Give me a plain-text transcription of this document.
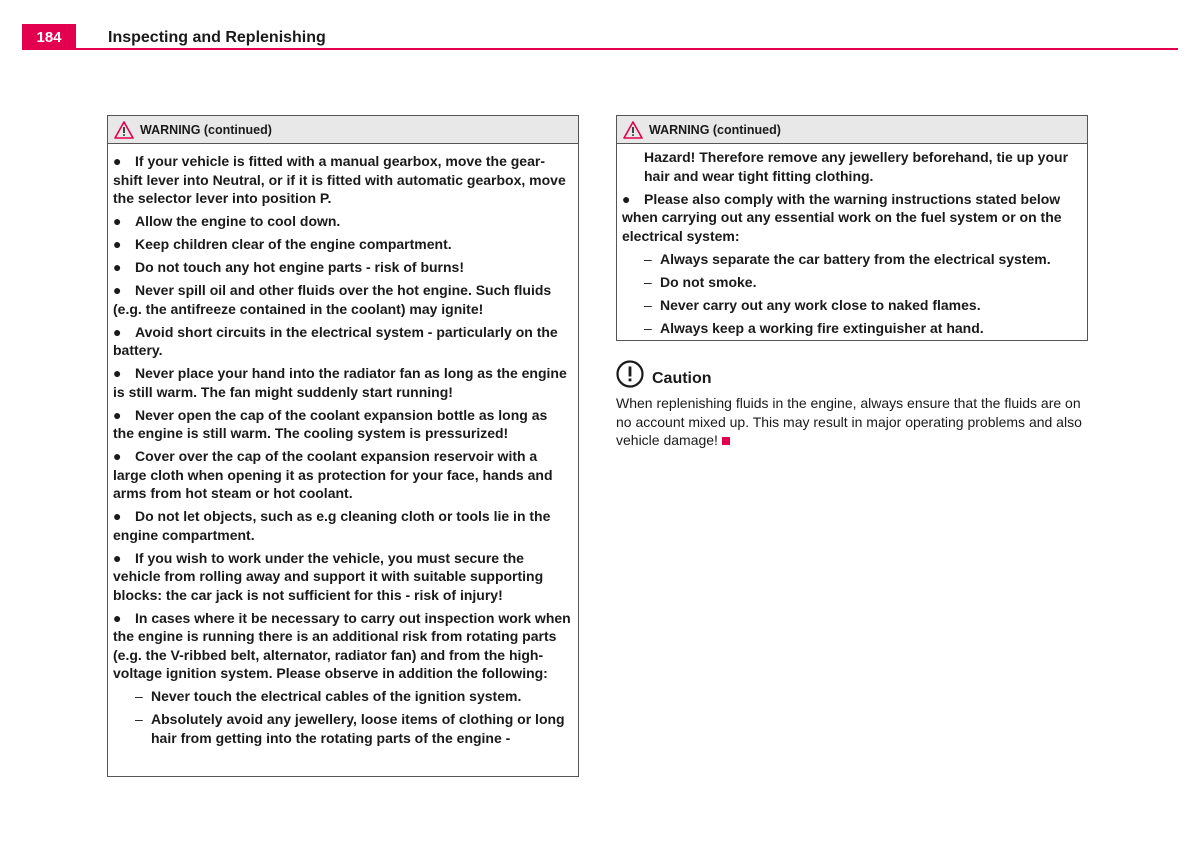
184	Inspecting and Replenishing
WARNING (continued)

● If your vehicle is fitted with a manual gearbox, move the gear-shift lever into Neutral, or if it is fitted with automatic gearbox, move the selector lever into position P.

● Allow the engine to cool down.

● Keep children clear of the engine compartment.

● Do not touch any hot engine parts - risk of burns!

● Never spill oil and other fluids over the hot engine. Such fluids (e.g. the antifreeze contained in the coolant) may ignite!

● Avoid short circuits in the electrical system - particularly on the battery.

● Never place your hand into the radiator fan as long as the engine is still warm. The fan might suddenly start running!

● Never open the cap of the coolant expansion bottle as long as the engine is still warm. The cooling system is pressurized!

● Cover over the cap of the coolant expansion reservoir with a large cloth when opening it as protection for your face, hands and arms from hot steam or hot coolant.

● Do not let objects, such as e.g cleaning cloth or tools lie in the engine compartment.

● If you wish to work under the vehicle, you must secure the vehicle from rolling away and support it with suitable supporting blocks: the car jack is not sufficient for this - risk of injury!

● In cases where it be necessary to carry out inspection work when the engine is running there is an additional risk from rotating parts (e.g. the V-ribbed belt, alternator, radiator fan) and from the high-voltage ignition system. Please observe in addition the following:

– Never touch the electrical cables of the ignition system.

– Absolutely avoid any jewellery, loose items of clothing or long hair from getting into the rotating parts of the engine -

WARNING (continued)

Hazard! Therefore remove any jewellery beforehand, tie up your hair and wear tight fitting clothing.

● Please also comply with the warning instructions stated below when carrying out any essential work on the fuel system or on the electrical system:

– Always separate the car battery from the electrical system.

– Do not smoke.

– Never carry out any work close to naked flames.

– Always keep a working fire extinguisher at hand.

Caution
When replenishing fluids in the engine, always ensure that the fluids are on no account mixed up. This may result in major operating problems and also vehicle damage!
